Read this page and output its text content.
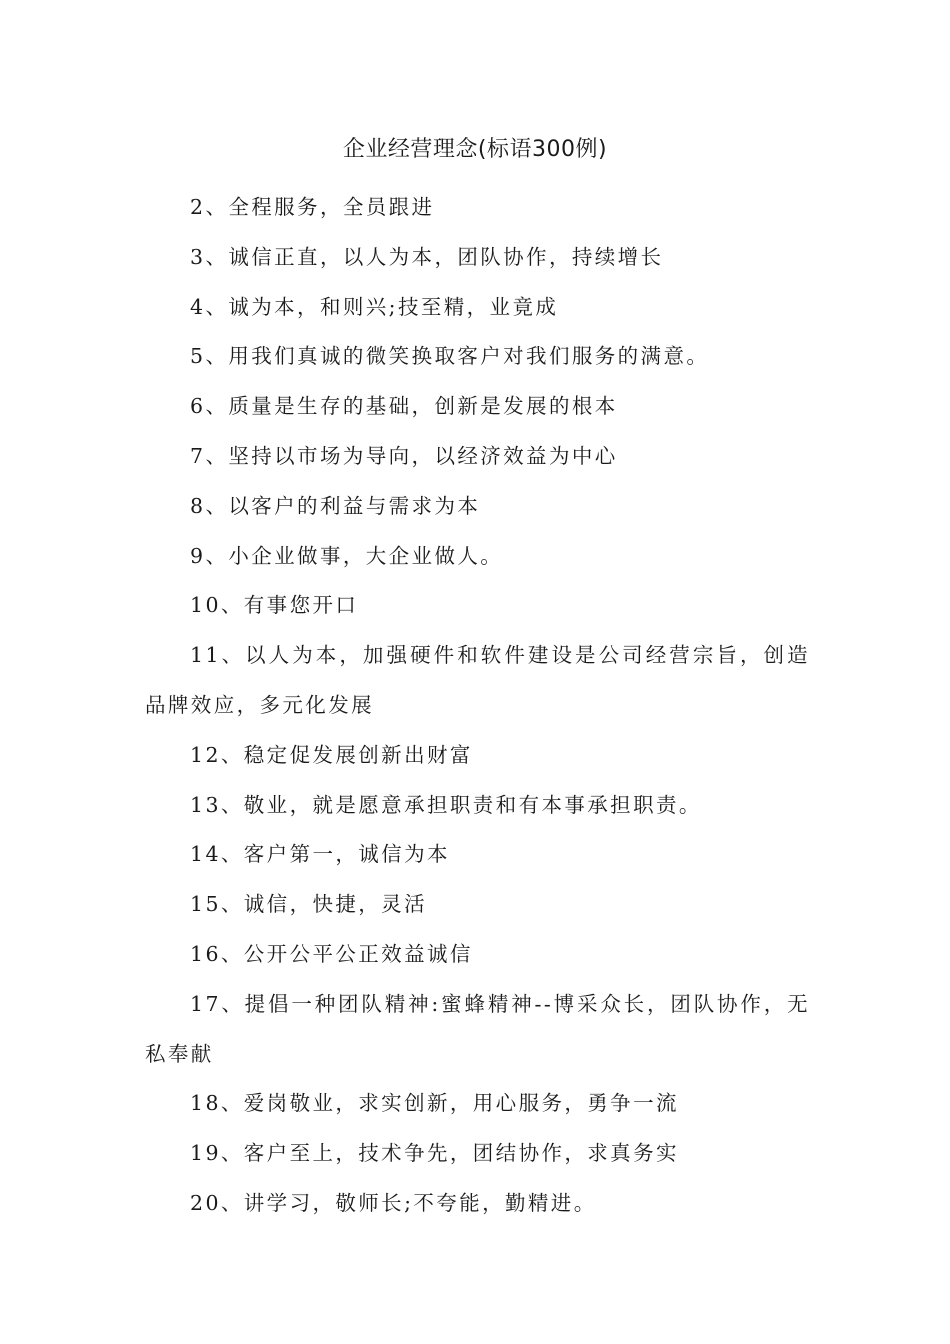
企业经营理念(标语300例)

2、全程服务，全员跟进

3、诚信正直，以人为本，团队协作，持续增长

4、诚为本，和则兴;技至精，业竟成

5、用我们真诚的微笑换取客户对我们服务的满意。

6、质量是生存的基础，创新是发展的根本

7、坚持以市场为导向，以经济效益为中心

8、以客户的利益与需求为本

9、小企业做事，大企业做人。

10、有事您开口

11、以人为本，加强硬件和软件建设是公司经营宗旨，创造品牌效应，多元化发展

12、稳定促发展创新出财富

13、敬业，就是愿意承担职责和有本事承担职责。

14、客户第一，诚信为本

15、诚信，快捷，灵活

16、公开公平公正效益诚信

17、提倡一种团队精神:蜜蜂精神--博采众长，团队协作，无私奉献

18、爱岗敬业，求实创新，用心服务，勇争一流

19、客户至上，技术争先，团结协作，求真务实

20、讲学习，敬师长;不夸能，勤精进。
